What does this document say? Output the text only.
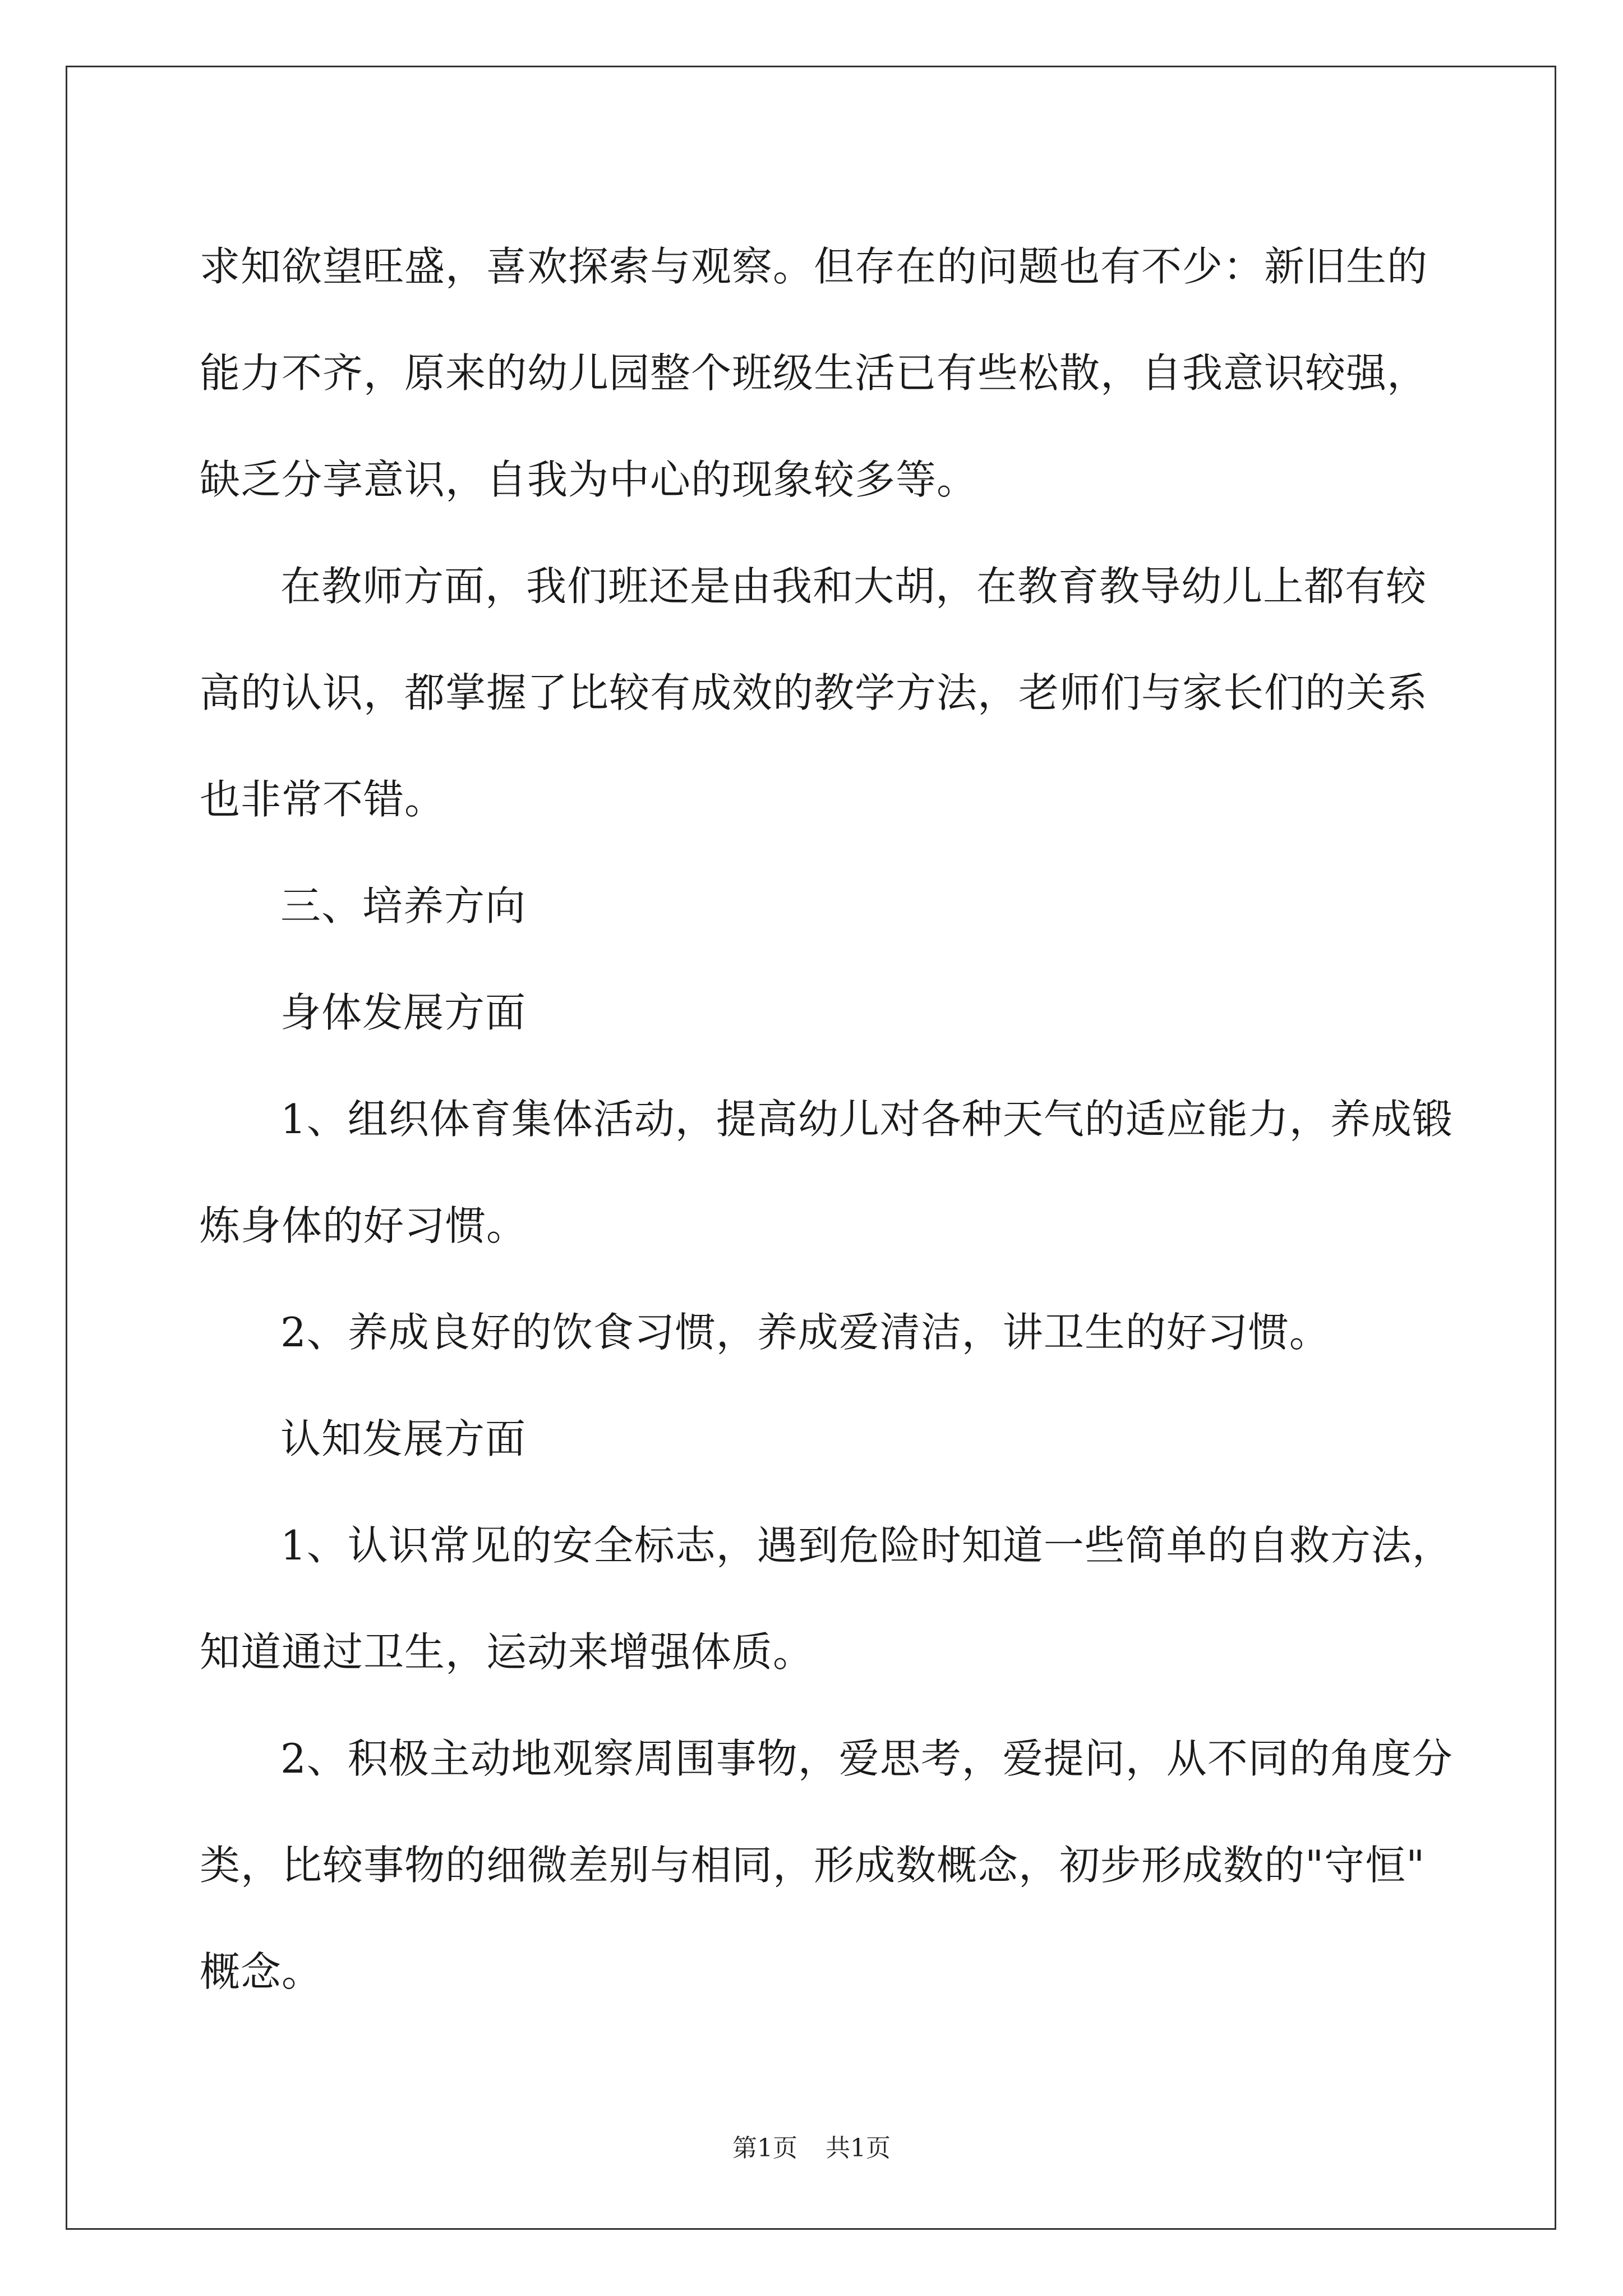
求知欲望旺盛，喜欢探索与观察。但存在的问题也有不少：新旧生的

能力不齐，原来的幼儿园整个班级生活已有些松散，自我意识较强，

缺乏分享意识，自我为中心的现象较多等。

在教师方面，我们班还是由我和大胡，在教育教导幼儿上都有较

高的认识，都掌握了比较有成效的教学方法，老师们与家长们的关系

也非常不错。

三、培养方向

身体发展方面

1、组织体育集体活动，提高幼儿对各种天气的适应能力，养成锻

炼身体的好习惯。

2、养成良好的饮食习惯，养成爱清洁，讲卫生的好习惯。

认知发展方面

1、认识常见的安全标志，遇到危险时知道一些简单的自救方法，

知道通过卫生，运动来增强体质。

2、积极主动地观察周围事物，爱思考，爱提问，从不同的角度分

类，比较事物的细微差别与相同，形成数概念，初步形成数的"守恒"

概念。

第1页 共1页
